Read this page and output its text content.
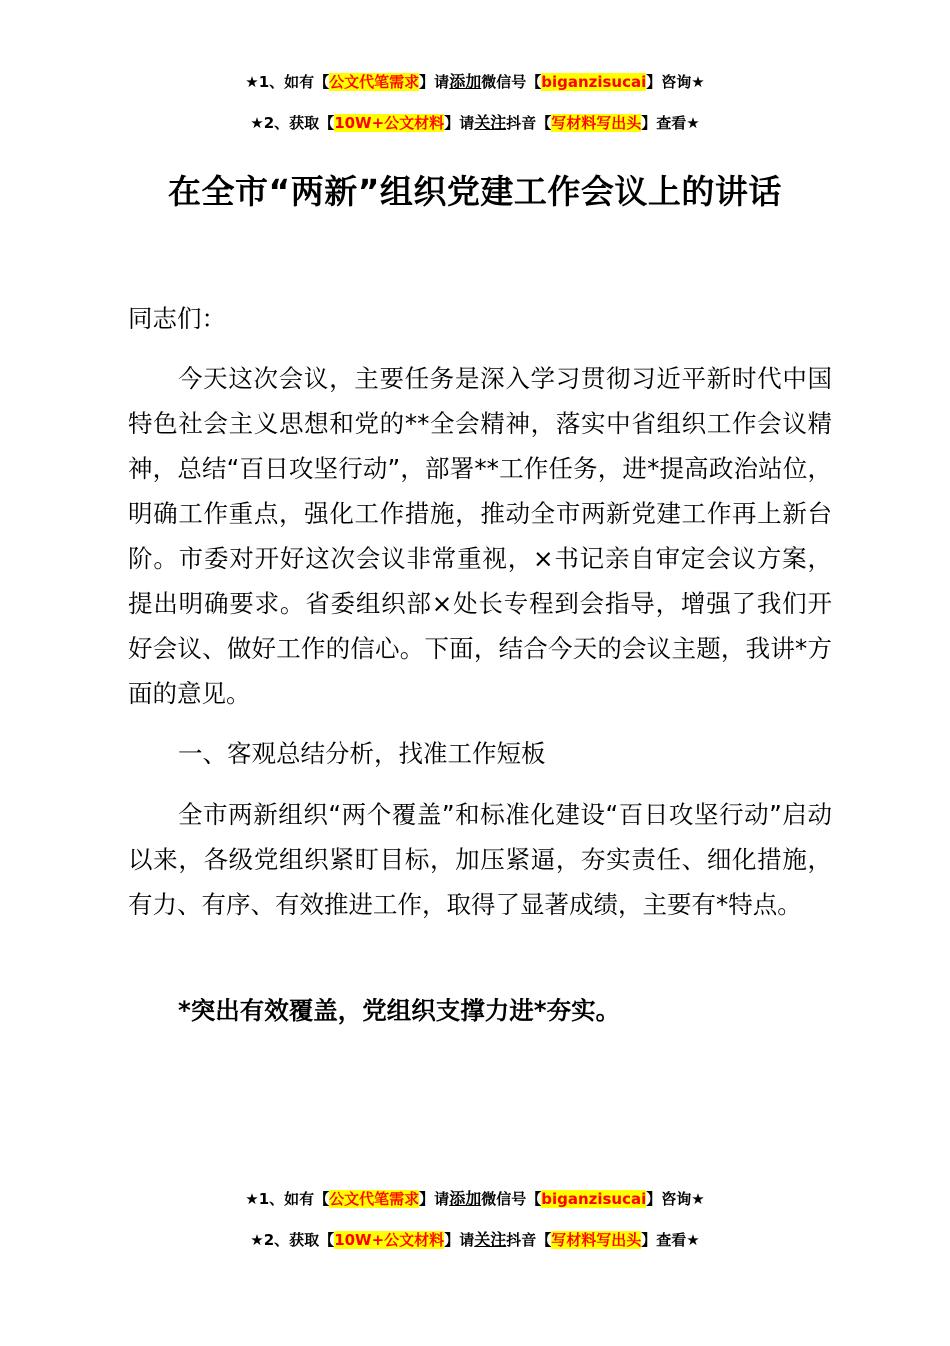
★1、如有【公文代笔需求】请添加微信号【biganzisucai】咨询★
★2、获取【10W+公文材料】请关注抖音【写材料写出头】查看★
在全市“两新”组织党建工作会议上的讲话
同志们：
今天这次会议，主要任务是深入学习贯彻习近平新时代中国特色社会主义思想和党的**全会精神，落实中省组织工作会议精神，总结“百日攻坚行动”，部署**工作任务，进*提高政治站位，明确工作重点，强化工作措施，推动全市两新党建工作再上新台阶。市委对开好这次会议非常重视，×书记亲自审定会议方案，提出明确要求。省委组织部×处长专程到会指导，增强了我们开好会议、做好工作的信心。下面，结合今天的会议主题，我讲*方面的意见。
一、客观总结分析，找准工作短板
全市两新组织“两个覆盖”和标准化建设“百日攻坚行动”启动以来，各级党组织紧盯目标，加压紧逼，夯实责任、细化措施，有力、有序、有效推进工作，取得了显著成绩，主要有*特点。
*突出有效覆盖，党组织支撑力进*夯实。
★1、如有【公文代笔需求】请添加微信号【biganzisucai】咨询★
★2、获取【10W+公文材料】请关注抖音【写材料写出头】查看★
